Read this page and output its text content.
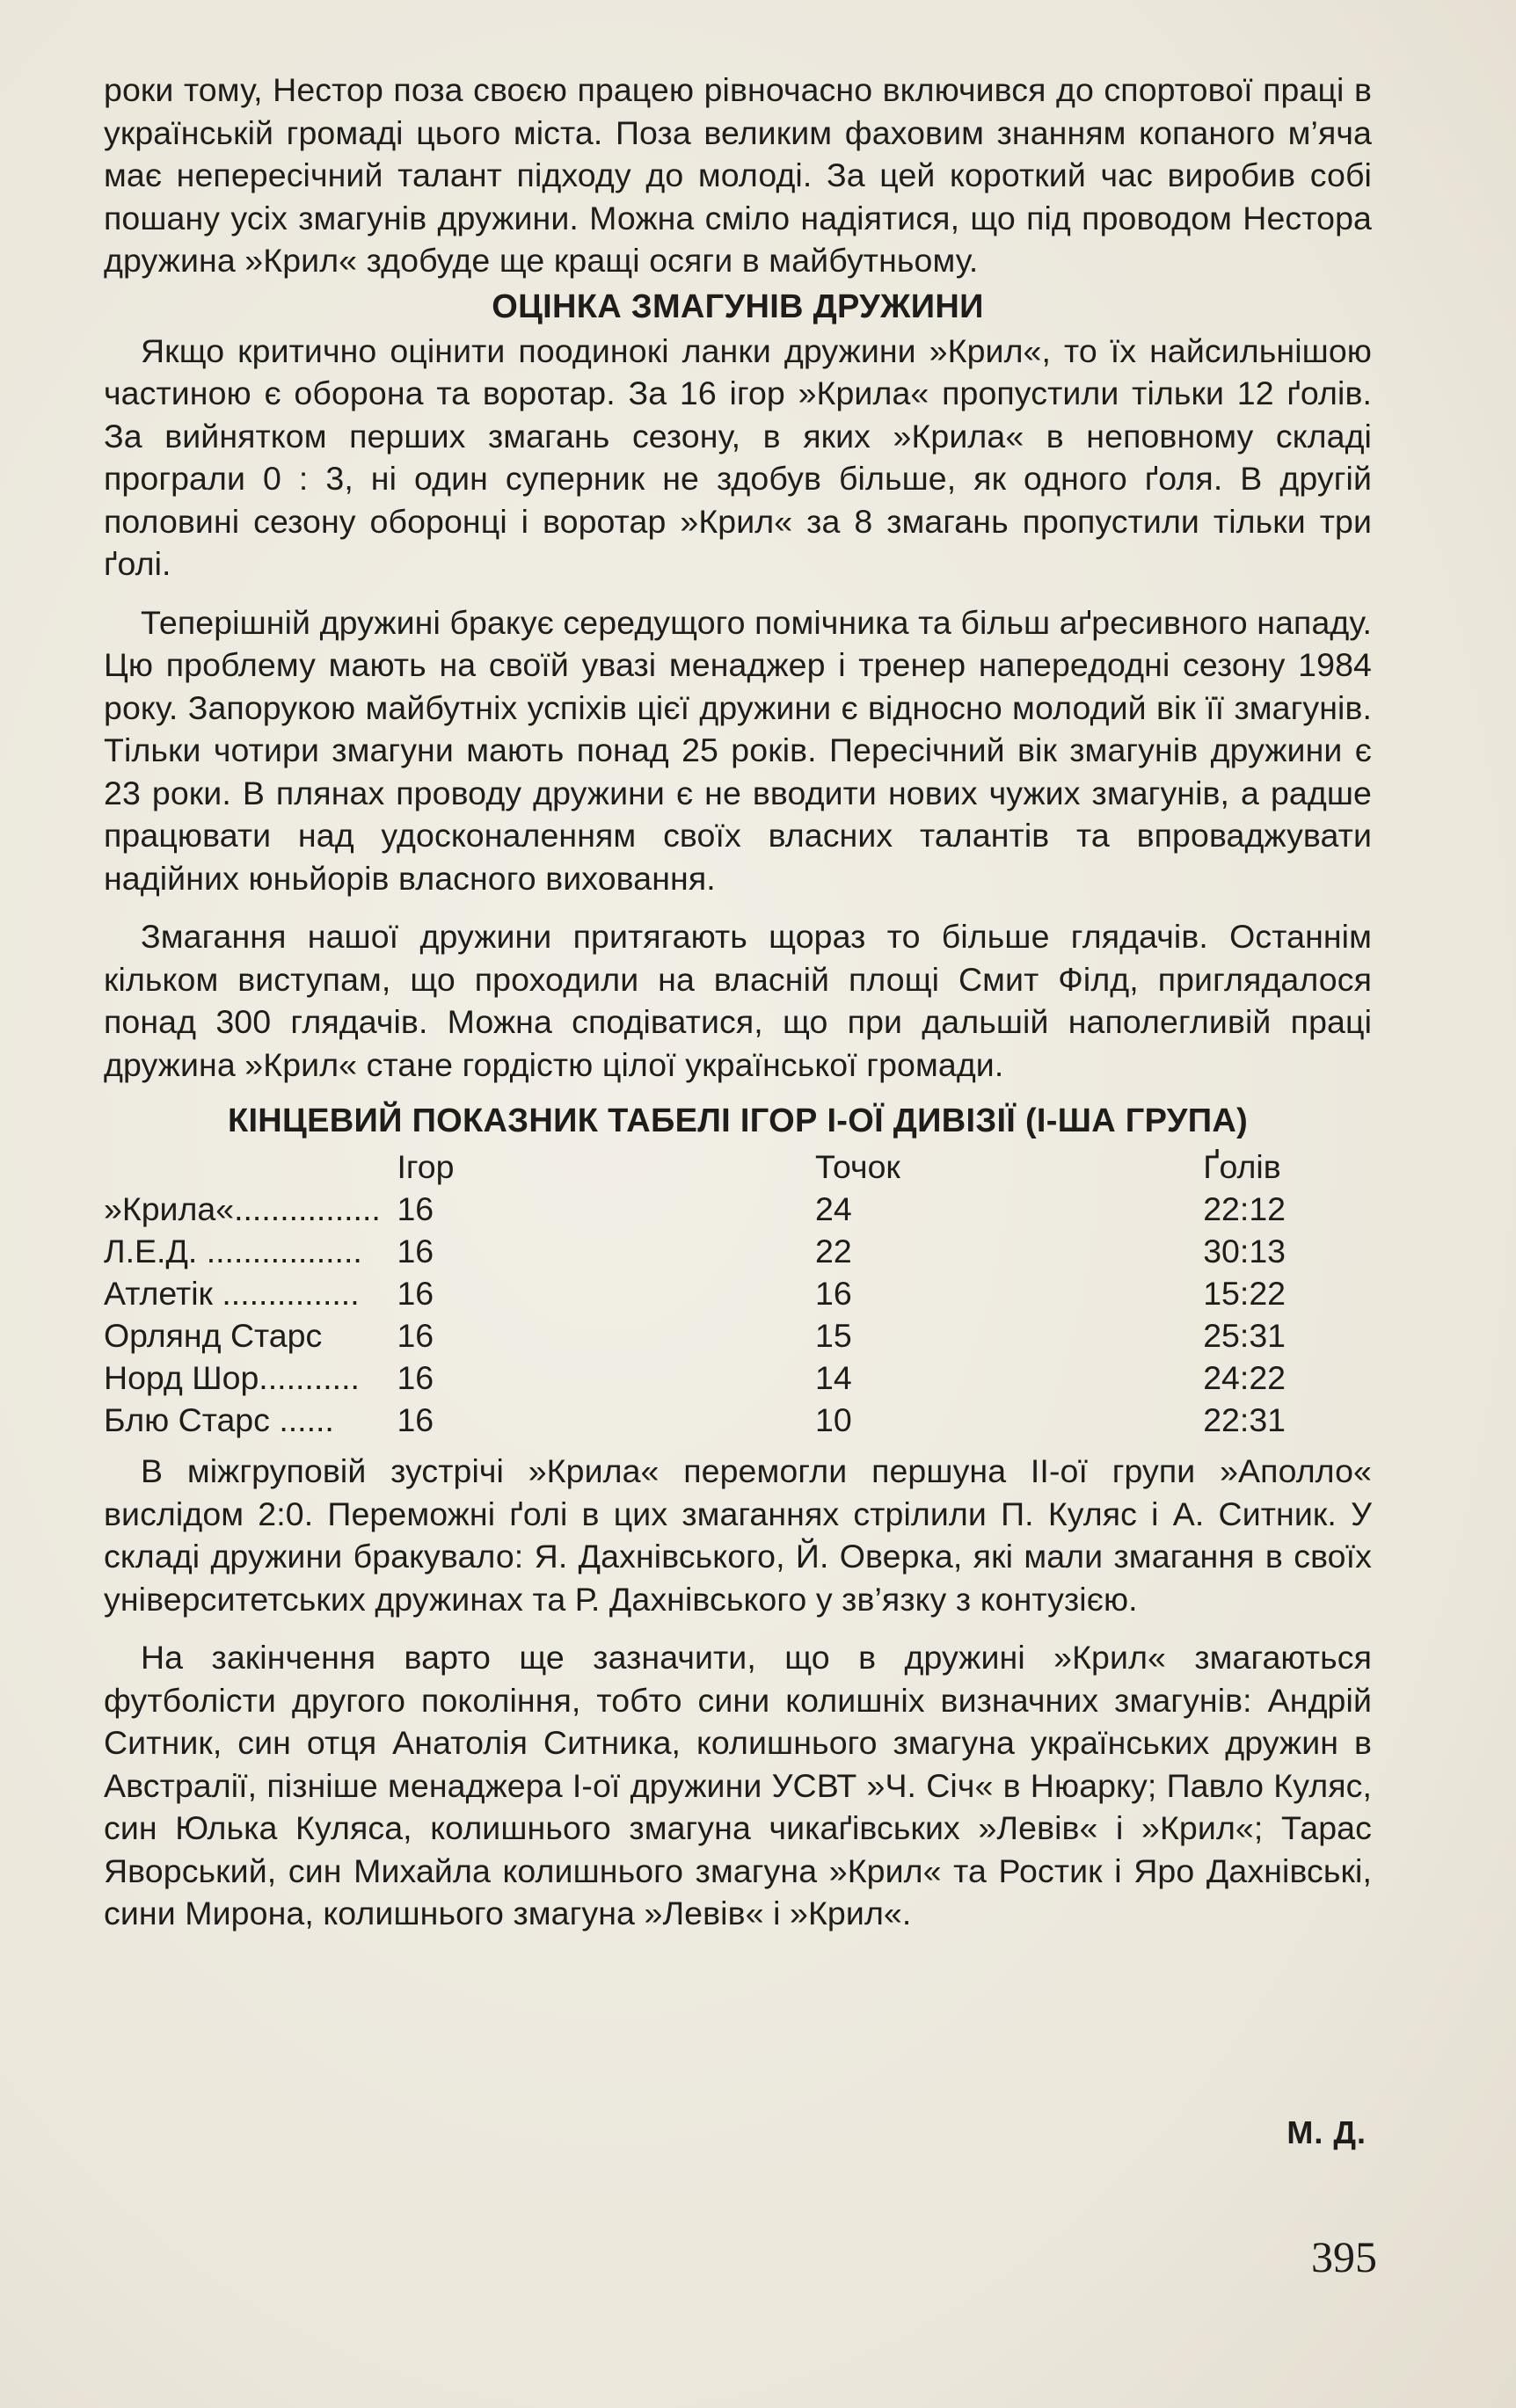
роки тому, Нестор поза своєю працею рівночасно включився до спортової праці в українській громаді цього міста. Поза великим фаховим знанням копаного м’яча має непересічний талант підходу до молоді. За цей короткий час виробив собі пошану усіх змагунів дружини. Можна сміло надіятися, що під проводом Нестора дружина »Крил« здобуде ще кращі осяги в майбутньому.

ОЦІНКА ЗМАГУНІВ ДРУЖИНИ

Якщо критично оцінити поодинокі ланки дружини »Крил«, то їх найсильнішою частиною є оборона та воротар. За 16 ігор »Крила« пропустили тільки 12 ґолів. За вийнятком перших змагань сезону, в яких »Крила« в неповному складі програли 0 : 3, ні один суперник не здобув більше, як одного ґоля. В другій половині сезону оборонці і воротар »Крил« за 8 змагань пропустили тільки три ґолі.

Теперішній дружині бракує середущого помічника та більш аґресивного нападу. Цю проблему мають на своїй увазі менаджер і тренер напередодні сезону 1984 року. Запорукою майбутніх успіхів цієї дружини є відносно молодий вік її змагунів. Тільки чотири змагуни мають понад 25 років. Пересічний вік змагунів дружини є 23 роки. В плянах проводу дружини є не вводити нових чужих змагунів, а радше працювати над удосконаленням своїх власних талантів та впроваджувати надійних юньйорів власного виховання.

Змагання нашої дружини притягають щораз то більше глядачів. Останнім кільком виступам, що проходили на власній площі Смит Філд, приглядалося понад 300 глядачів. Можна сподіватися, що при дальшій наполегливій праці дружина »Крил« стане гордістю цілої української громади.

КІНЦЕВИЙ ПОКАЗНИК ТАБЕЛІ ІГОР І-ОЇ ДИВІЗІЇ (І-ША ГРУПА)
	Ігор	Точок	Ґолів
»Крила«................	16	24	22:12
Л.Е.Д. .................	16	22	30:13
Атлетік ...............	16	16	15:22
Орлянд Старс	16	15	25:31
Норд Шор...........	16	14	24:22
Блю Старс ......	16	10	22:31

В міжгруповій зустрічі »Крила« перемогли першуна ІІ-ої групи »Аполло« вислідом 2:0. Переможні ґолі в цих змаганнях стрілили П. Куляс і А. Ситник. У складі дружини бракувало: Я. Дахнівського, Й. Оверка, які мали змагання в своїх університетських дружинах та Р. Дахнівського у зв’язку з контузією.

На закінчення варто ще зазначити, що в дружині »Крил« змагаються футболісти другого покоління, тобто сини колишніх визначних змагунів: Андрій Ситник, син отця Анатолія Ситника, колишнього змагуна українських дружин в Австралії, пізніше менаджера І-ої дружини УСВТ »Ч. Січ« в Нюарку; Павло Куляс, син Юлька Куляса, колишнього змагуна чикаґівських »Левів« і »Крил«; Тарас Яворський, син Михайла колишнього змагуна »Крил« та Ростик і Яро Дахнівські, сини Мирона, колишнього змагуна »Левів« і »Крил«.

М. Д.
395
